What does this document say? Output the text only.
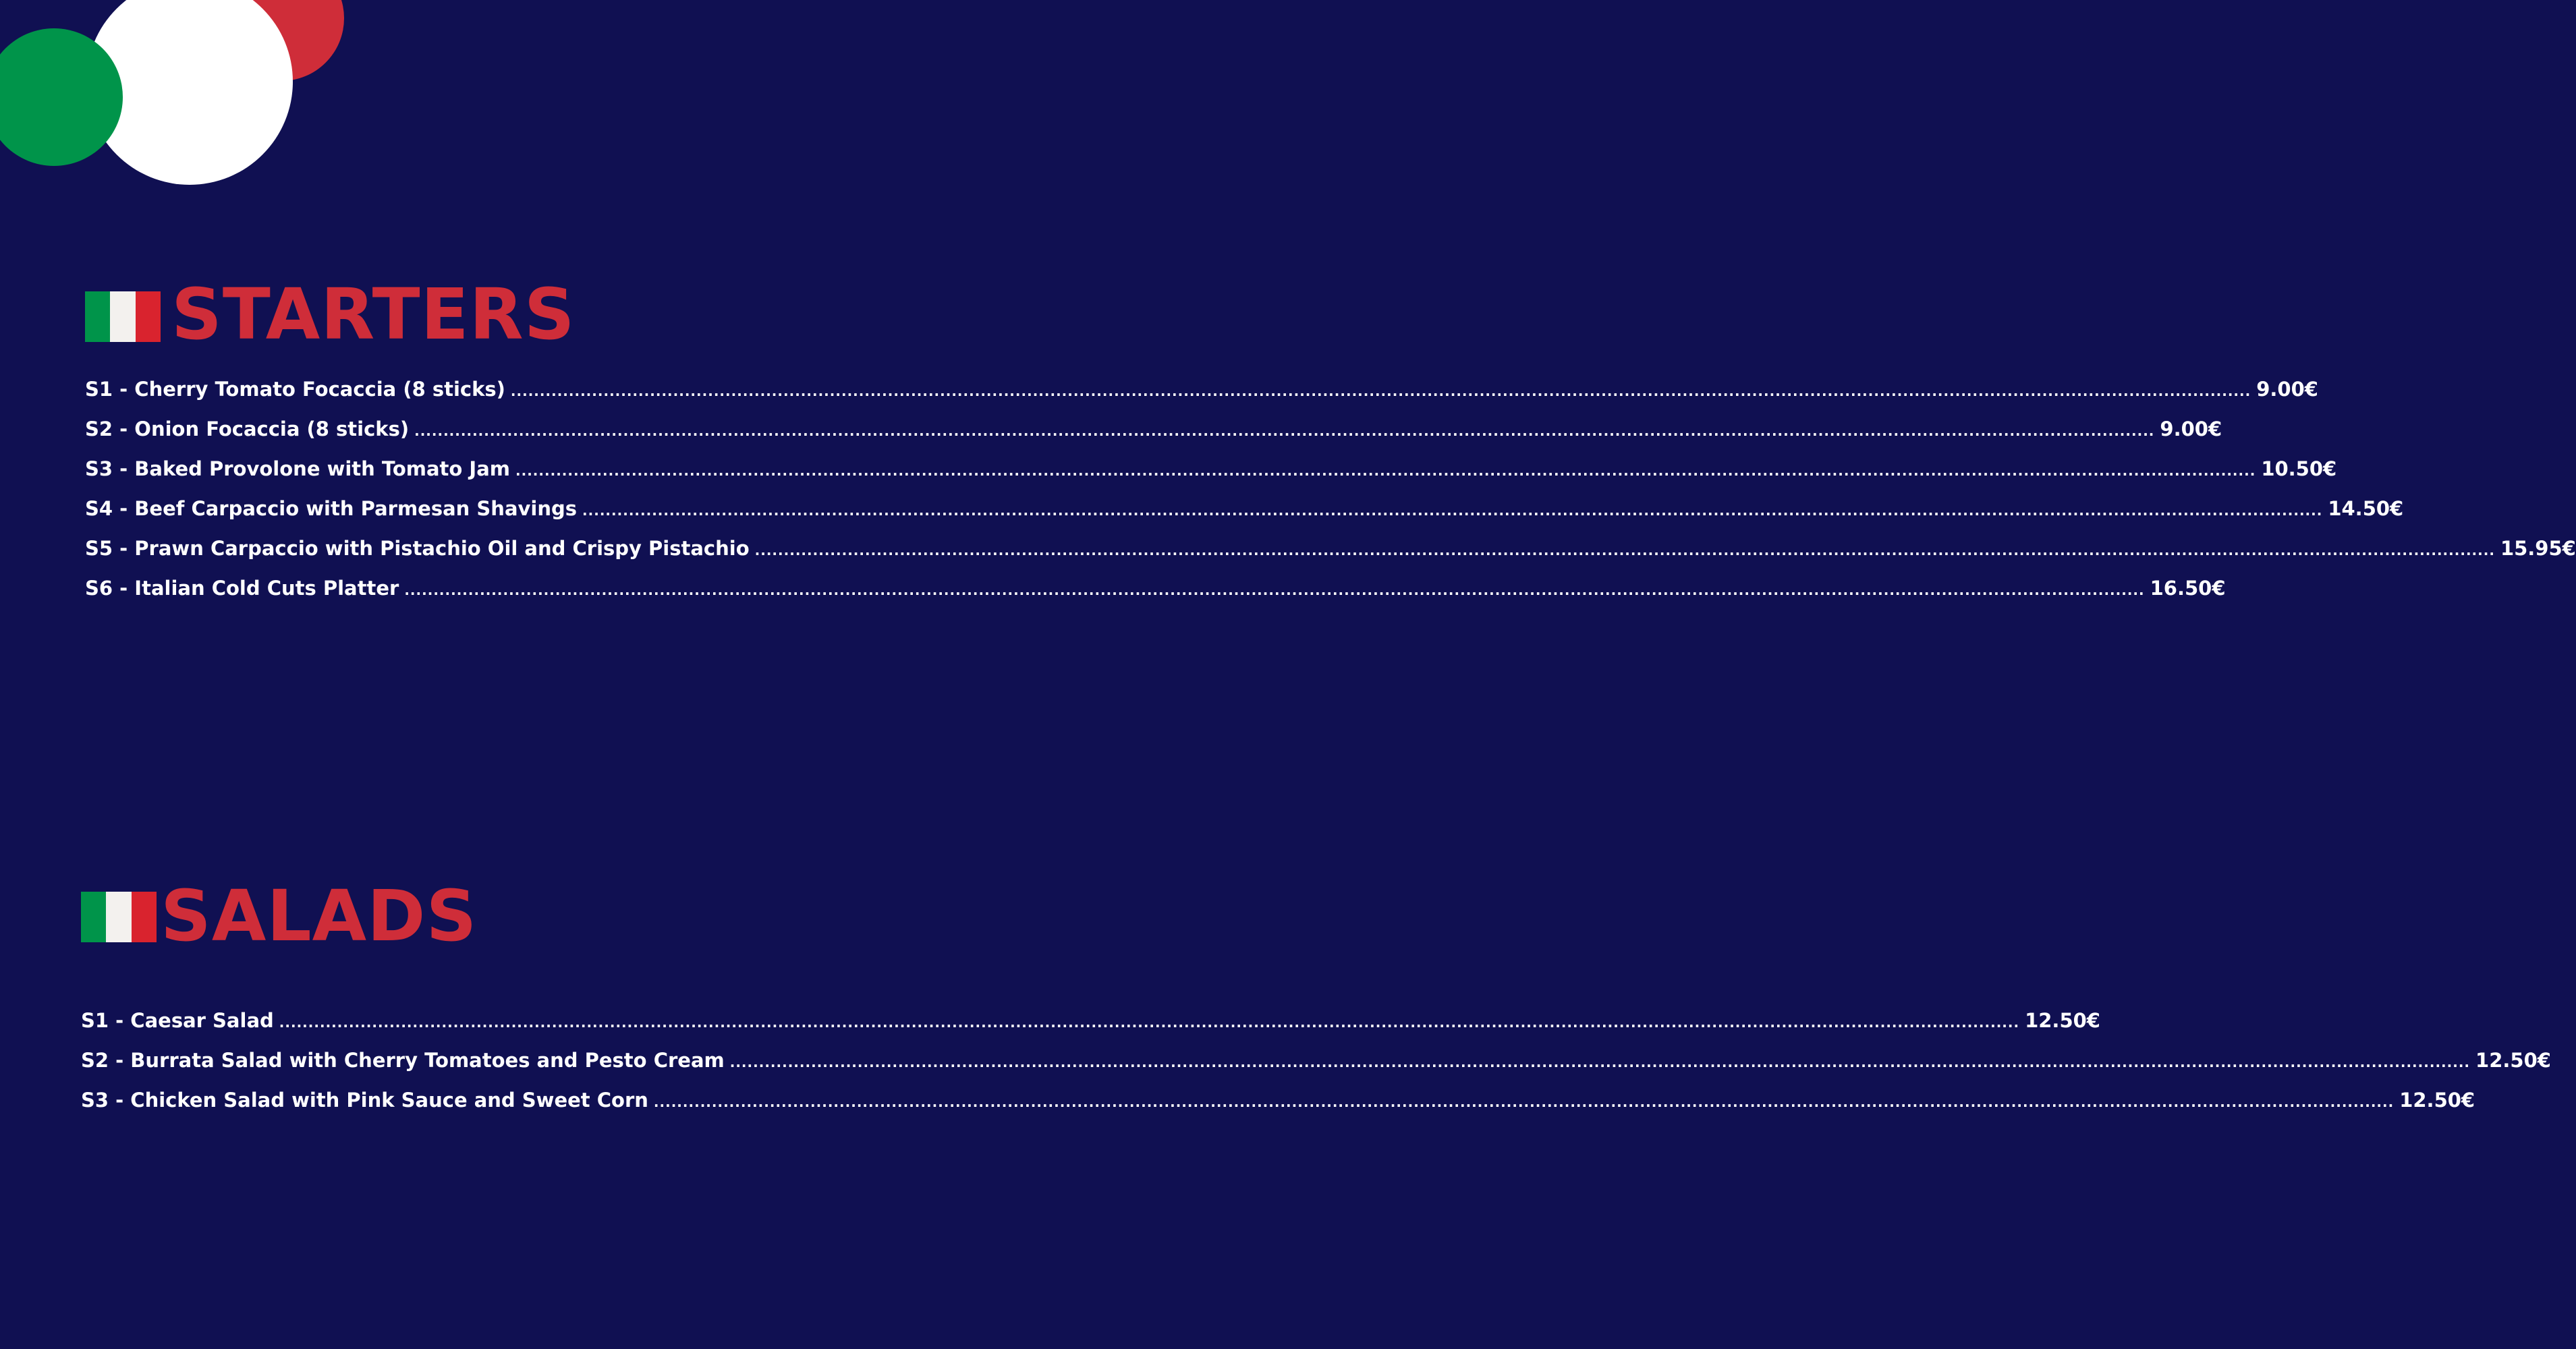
STARTERS
S1 - Cherry Tomato Focaccia (8 sticks) ............................................................................................................................................................................................................................................................................................................ 9.00€
S2 - Onion Focaccia (8 sticks) ............................................................................................................................................................................................................................................................................................................ 9.00€
S3 - Baked Provolone with Tomato Jam ............................................................................................................................................................................................................................................................................................................ 10.50€
S4 - Beef Carpaccio with Parmesan Shavings ............................................................................................................................................................................................................................................................................................................ 14.50€
S5 - Prawn Carpaccio with Pistachio Oil and Crispy Pistachio ............................................................................................................................................................................................................................................................................................................ 15.95€
S6 - Italian Cold Cuts Platter ............................................................................................................................................................................................................................................................................................................ 16.50€
SALADS
S1 - Caesar Salad ............................................................................................................................................................................................................................................................................................................ 12.50€
S2 - Burrata Salad with Cherry Tomatoes and Pesto Cream ............................................................................................................................................................................................................................................................................................................ 12.50€
S3 - Chicken Salad with Pink Sauce and Sweet Corn ............................................................................................................................................................................................................................................................................................................ 12.50€
